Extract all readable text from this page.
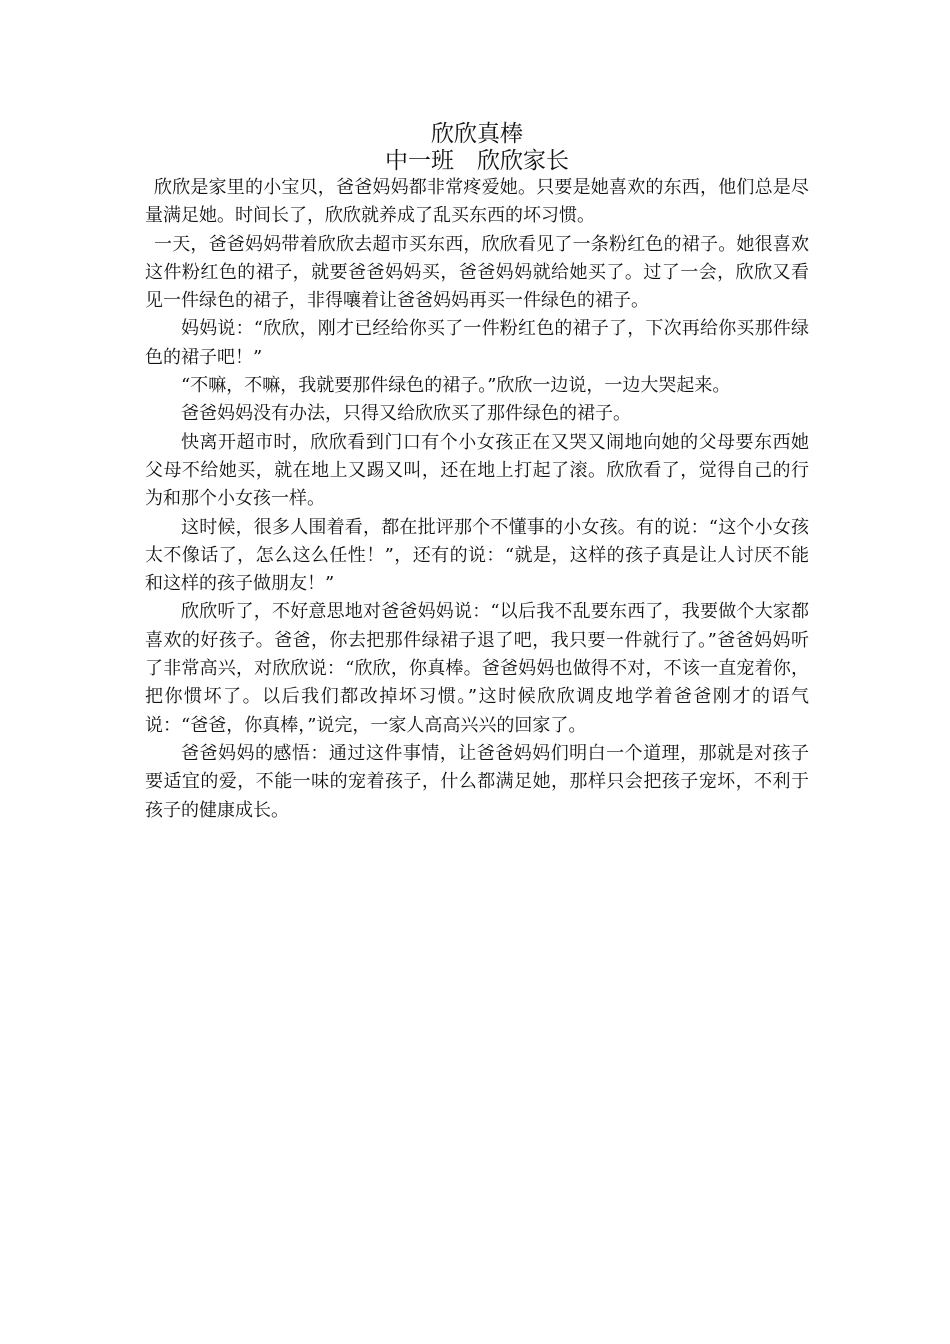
欣欣真棒
中一班　欣欣家长

欣欣是家里的小宝贝，爸爸妈妈都非常疼爱她。只要是她喜欢的东西，他们总是尽量满足她。时间长了，欣欣就养成了乱买东西的坏习惯。

一天，爸爸妈妈带着欣欣去超市买东西，欣欣看见了一条粉红色的裙子。她很喜欢这件粉红色的裙子，就要爸爸妈妈买，爸爸妈妈就给她买了。过了一会，欣欣又看见一件绿色的裙子，非得嚷着让爸爸妈妈再买一件绿色的裙子。

妈妈说：“欣欣，刚才已经给你买了一件粉红色的裙子了，下次再给你买那件绿色的裙子吧！”

“不嘛，不嘛，我就要那件绿色的裙子。”欣欣一边说，一边大哭起来。

爸爸妈妈没有办法，只得又给欣欣买了那件绿色的裙子。

快离开超市时，欣欣看到门口有个小女孩正在又哭又闹地向她的父母要东西她父母不给她买，就在地上又踢又叫，还在地上打起了滚。欣欣看了，觉得自己的行为和那个小女孩一样。

这时候，很多人围着看，都在批评那个不懂事的小女孩。有的说：“这个小女孩太不像话了，怎么这么任性！”，还有的说：“就是，这样的孩子真是让人讨厌不能和这样的孩子做朋友！”

欣欣听了，不好意思地对爸爸妈妈说：“以后我不乱要东西了，我要做个大家都喜欢的好孩子。爸爸，你去把那件绿裙子退了吧，我只要一件就行了。”爸爸妈妈听了非常高兴，对欣欣说：“欣欣，你真棒。爸爸妈妈也做得不对，不该一直宠着你，把你惯坏了。以后我们都改掉坏习惯。”这时候欣欣调皮地学着爸爸刚才的语气说：“爸爸，你真棒，”说完，一家人高高兴兴的回家了。

爸爸妈妈的感悟：通过这件事情，让爸爸妈妈们明白一个道理，那就是对孩子要适宜的爱，不能一味的宠着孩子，什么都满足她，那样只会把孩子宠坏，不利于孩子的健康成长。
